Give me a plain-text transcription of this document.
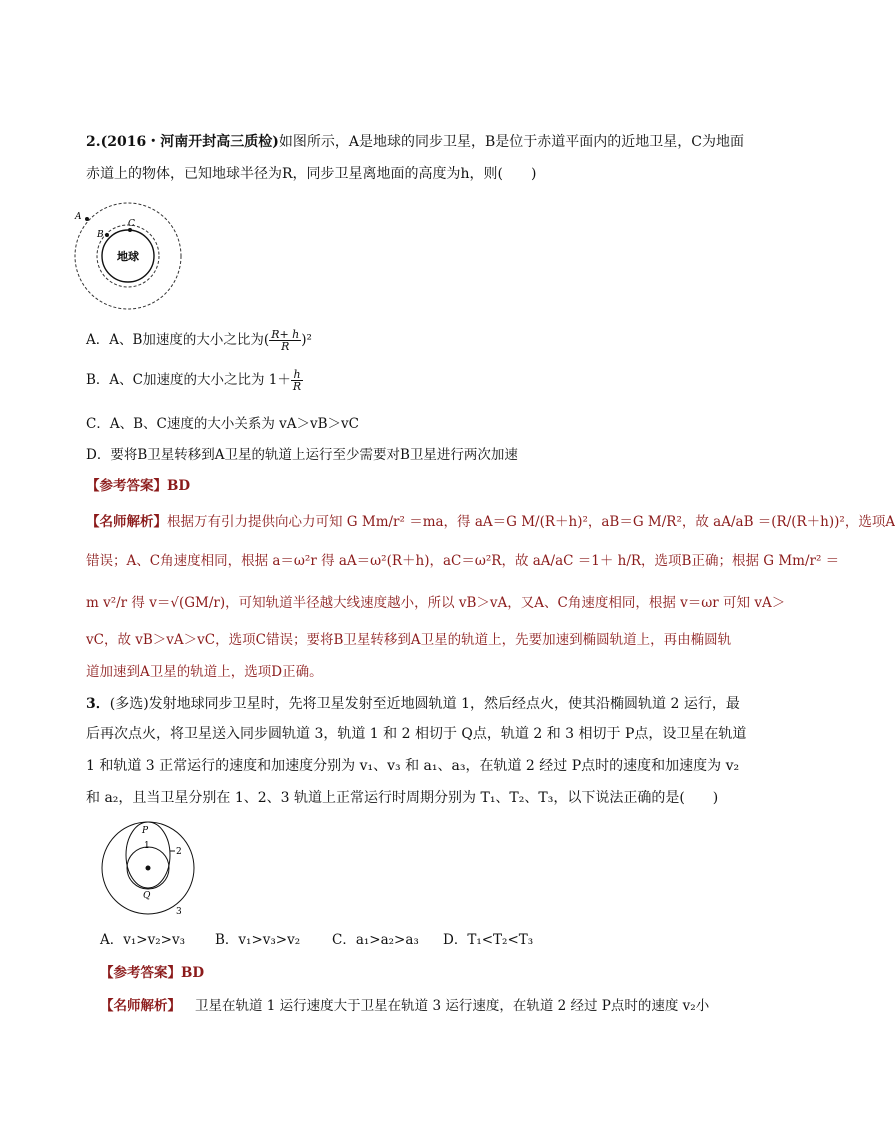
2.(2016・河南开封高三质检)如图所示，A是地球的同步卫星，B是位于赤道平面内的近地卫星，C为地面
赤道上的物体，已知地球半径为R，同步卫星离地面的高度为h，则(　　)
地球
A
B
C
A．A、B加速度的大小之比为( $\frac{R+ h}{R} )^2$
B．A、C加速度的大小之比为 $1+ \frac{h}{R}$
C．A、B、C速度的大小关系为 vA＞vB＞vC
D．要将B卫星转移到A卫星的轨道上运行至少需要对B卫星进行两次加速
【参考答案】BD
【名师解析】根据万有引力提供向心力可知 G Mm/r² ＝ma，得 aA＝G M/(R＋h)²，aB＝G M/R²，故 aA/aB ＝(R/(R＋h))²，选项A
错误；A、C角速度相同，根据 a＝ω²r 得 aA＝ω²(R＋h)，aC＝ω²R，故 aA/aC ＝1＋ h/R，选项B正确；根据 G Mm/r² ＝
m v²/r 得 v＝√(GM/r)，可知轨道半径越大线速度越小，所以 vB＞vA，又A、C角速度相同，根据 v＝ωr 可知 vA＞
vC，故 vB＞vA＞vC，选项C错误；要将B卫星转移到A卫星的轨道上，先要加速到椭圆轨道上，再由椭圆轨
道加速到A卫星的轨道上，选项D正确。
3．(多选)发射地球同步卫星时，先将卫星发射至近地圆轨道 1，然后经点火，使其沿椭圆轨道 2 运行，最
后再次点火，将卫星送入同步圆轨道 3，轨道 1 和 2 相切于 Q点，轨道 2 和 3 相切于 P点，设卫星在轨道
1 和轨道 3 正常运行的速度和加速度分别为 v₁、v₃ 和 a₁、a₃，在轨道 2 经过 P点时的速度和加速度为 v₂
和 a₂，且当卫星分别在 1、2、3 轨道上正常运行时周期分别为 T₁、T₂、T₃，以下说法正确的是(　　)
P
Q
1
2
3
A．v₁>v₂>v₃ B．v₁>v₃>v₂ C．a₁>a₂>a₃ D．T₁<T₂<T₃
【参考答案】BD
【名师解析】 卫星在轨道 1 运行速度大于卫星在轨道 3 运行速度，在轨道 2 经过 P点时的速度 v₂小
